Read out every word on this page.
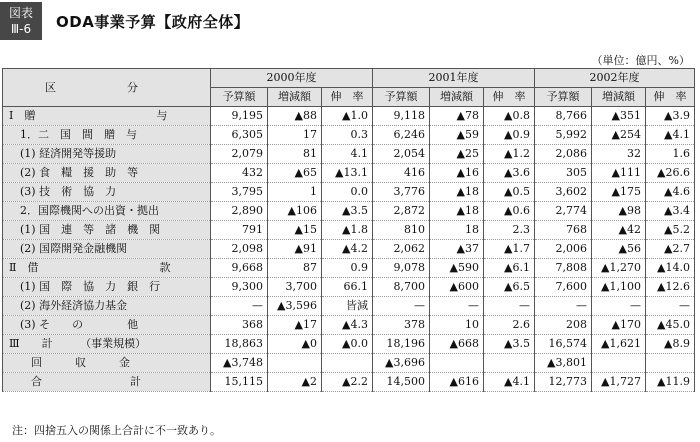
図表
Ⅲ-6	ODA事業予算【政府全体】
（単位：億円、%）
区　分	2000年度			2001年度			2002年度		
	予算額	増減額	伸　率	予算額	増減額	伸　率	予算額	増減額	伸　率
Ⅰ　贈　　　　　　　　　　　与	9,195	▲88	▲1.0	9,118	▲78	▲0.8	8,766	▲351	▲3.9
　1．二　国　間　贈　与	6,305	17	0.3	6,246	▲59	▲0.9	5,992	▲254	▲4.1
　(1) 経済開発等援助	2,079	81	4.1	2,054	▲25	▲1.2	2,086	32	1.6
　(2) 食　糧　援　助　等	432	▲65	▲13.1	416	▲16	▲3.6	305	▲111	▲26.6
　(3) 技　術　協　力	3,795	1	0.0	3,776	▲18	▲0.5	3,602	▲175	▲4.6
　2．国際機関への出資・拠出	2,890	▲106	▲3.5	2,872	▲18	▲0.6	2,774	▲98	▲3.4
　(1) 国　連　等　諸　機　関	791	▲15	▲1.8	810	18	2.3	768	▲42	▲5.2
　(2) 国際開発金融機関	2,098	▲91	▲4.2	2,062	▲37	▲1.7	2,006	▲56	▲2.7
Ⅱ　借　　　　　　　　　　　款	9,668	87	0.9	9,078	▲590	▲6.1	7,808	▲1,270	▲14.0
　(1) 国　際　協　力　銀　行	9,300	3,700	66.1	8,700	▲600	▲6.5	7,600	▲1,100	▲12.6
　(2) 海外経済協力基金	—	▲3,596	皆減	—	—	—	—	—	—
　(3) そ　　の　　　　他	368	▲17	▲4.3	378	10	2.6	208	▲170	▲45.0
Ⅲ　　計　　　（事業規模）	18,863	▲0	▲0.0	18,196	▲668	▲3.5	16,574	▲1,621	▲8.9
　　回　　　収　　　金	▲3,748			▲3,696			▲3,801		
　　合　　　　　　　　計	15,115	▲2	▲2.2	14,500	▲616	▲4.1	12,773	▲1,727	▲11.9
注：四捨五入の関係上合計に不一致あり。
